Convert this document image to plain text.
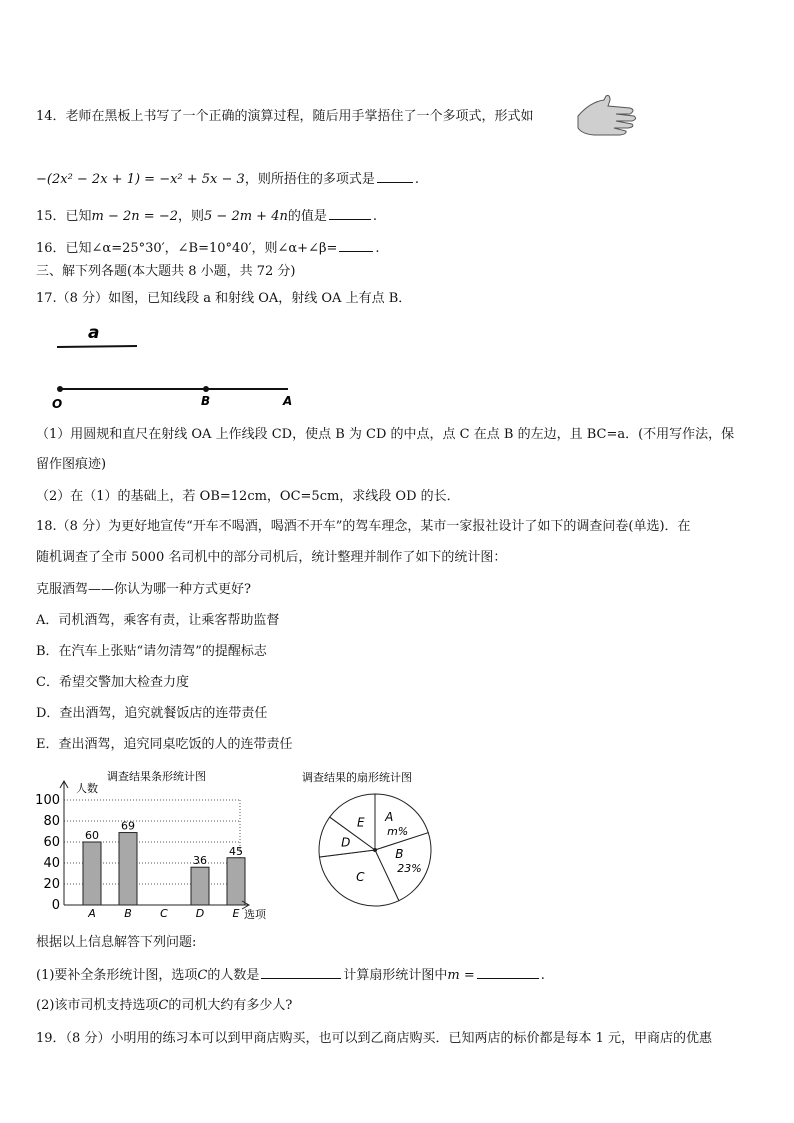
14．老师在黑板上书写了一个正确的演算过程，随后用手掌捂住了一个多项式，形式如
−(2x² − 2x + 1) = −x² + 5x − 3，则所捂住的多项式是	.
15．已知m − 2n = −2，则5 − 2m + 4n的值是	.
16．已知∠α=25°30′，∠B=10°40′，则∠α+∠β=	.
三、解下列各题(本大题共 8 小题，共 72 分)
17.（8 分）如图，已知线段 a 和射线 OA，射线 OA 上有点 B．
a
O	B	A
（1）用圆规和直尺在射线 OA 上作线段 CD，使点 B 为 CD 的中点，点 C 在点 B 的左边，且 BC=a．(不用写作法，保
留作图痕迹)
（2）在（1）的基础上，若 OB=12cm，OC=5cm，求线段 OD 的长．
18.（8 分）为更好地宣传“开车不喝酒，喝酒不开车”的驾车理念，某市一家报社设计了如下的调查问卷(单选)．在
随机调查了全市 5000 名司机中的部分司机后，统计整理并制作了如下的统计图：
克服酒驾——你认为哪一种方式更好?
A．司机酒驾，乘客有责，让乘客帮助监督
B．在汽车上张贴“请勿清驾”的提醒标志
C．希望交警加大检查力度
D．查出酒驾，追究就餐饭店的连带责任
E．查出酒驾，追究同桌吃饭的人的连带责任
调查结果条形统计图
人数
选项
0
20
40
60
80
100
60
69
36
45
A	B	C	D	E
调查结果的扇形统计图
A
m%
B
23%
C
D
E
根据以上信息解答下列问题:
(1)要补全条形统计图，选项C的人数是	计算扇形统计图中m =	.
(2)该市司机支持选项C的司机大约有多少人?
19．（8 分）小明用的练习本可以到甲商店购买，也可以到乙商店购买．已知两店的标价都是每本 1 元，甲商店的优惠
